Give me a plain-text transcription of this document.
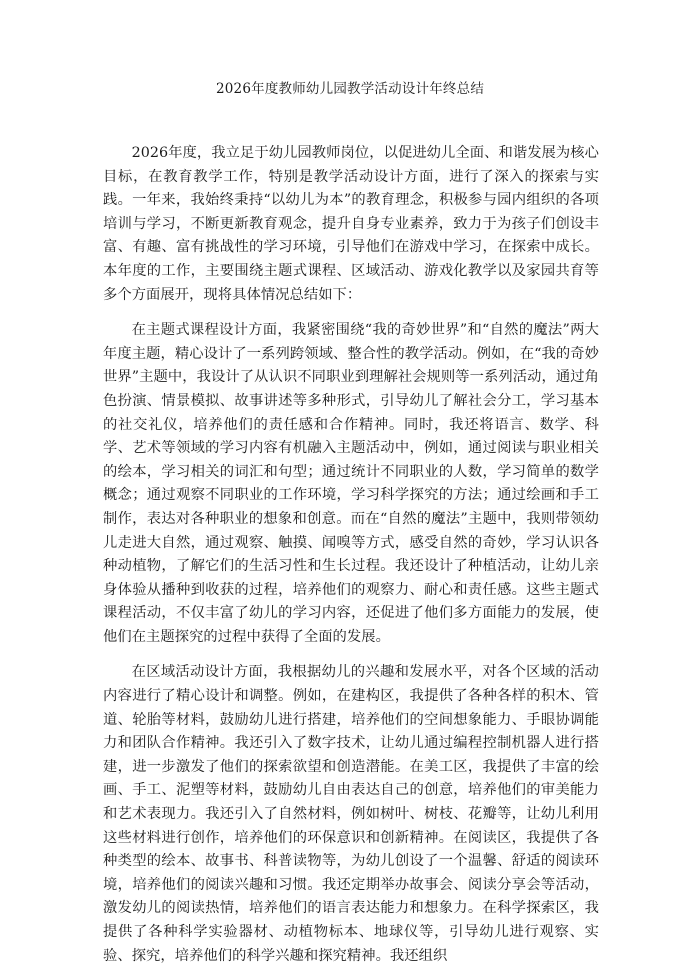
2026年度教师幼儿园教学活动设计年终总结

2026年度，我立足于幼儿园教师岗位，以促进幼儿全面、和谐发展为核心目标，在教育教学工作，特别是教学活动设计方面，进行了深入的探索与实践。一年来，我始终秉持“以幼儿为本”的教育理念，积极参与园内组织的各项培训与学习，不断更新教育观念，提升自身专业素养，致力于为孩子们创设丰富、有趣、富有挑战性的学习环境，引导他们在游戏中学习，在探索中成长。本年度的工作，主要围绕主题式课程、区域活动、游戏化教学以及家园共育等多个方面展开，现将具体情况总结如下：

在主题式课程设计方面，我紧密围绕“我的奇妙世界”和“自然的魔法”两大年度主题，精心设计了一系列跨领域、整合性的教学活动。例如，在“我的奇妙世界”主题中，我设计了从认识不同职业到理解社会规则等一系列活动，通过角色扮演、情景模拟、故事讲述等多种形式，引导幼儿了解社会分工，学习基本的社交礼仪，培养他们的责任感和合作精神。同时，我还将语言、数学、科学、艺术等领域的学习内容有机融入主题活动中，例如，通过阅读与职业相关的绘本，学习相关的词汇和句型；通过统计不同职业的人数，学习简单的数学概念；通过观察不同职业的工作环境，学习科学探究的方法；通过绘画和手工制作，表达对各种职业的想象和创意。而在“自然的魔法”主题中，我则带领幼儿走进大自然，通过观察、触摸、闻嗅等方式，感受自然的奇妙，学习认识各种动植物，了解它们的生活习性和生长过程。我还设计了种植活动，让幼儿亲身体验从播种到收获的过程，培养他们的观察力、耐心和责任感。这些主题式课程活动，不仅丰富了幼儿的学习内容，还促进了他们多方面能力的发展，使他们在主题探究的过程中获得了全面的发展。

在区域活动设计方面，我根据幼儿的兴趣和发展水平，对各个区域的活动内容进行了精心设计和调整。例如，在建构区，我提供了各种各样的积木、管道、轮胎等材料，鼓励幼儿进行搭建，培养他们的空间想象能力、手眼协调能力和团队合作精神。我还引入了数字技术，让幼儿通过编程控制机器人进行搭建，进一步激发了他们的探索欲望和创造潜能。在美工区，我提供了丰富的绘画、手工、泥塑等材料，鼓励幼儿自由表达自己的创意，培养他们的审美能力和艺术表现力。我还引入了自然材料，例如树叶、树枝、花瓣等，让幼儿利用这些材料进行创作，培养他们的环保意识和创新精神。在阅读区，我提供了各种类型的绘本、故事书、科普读物等，为幼儿创设了一个温馨、舒适的阅读环境，培养他们的阅读兴趣和习惯。我还定期举办故事会、阅读分享会等活动，激发幼儿的阅读热情，培养他们的语言表达能力和想象力。在科学探索区，我提供了各种科学实验器材、动植物标本、地球仪等，引导幼儿进行观察、实验、探究，培养他们的科学兴趣和探究精神。我还组织
